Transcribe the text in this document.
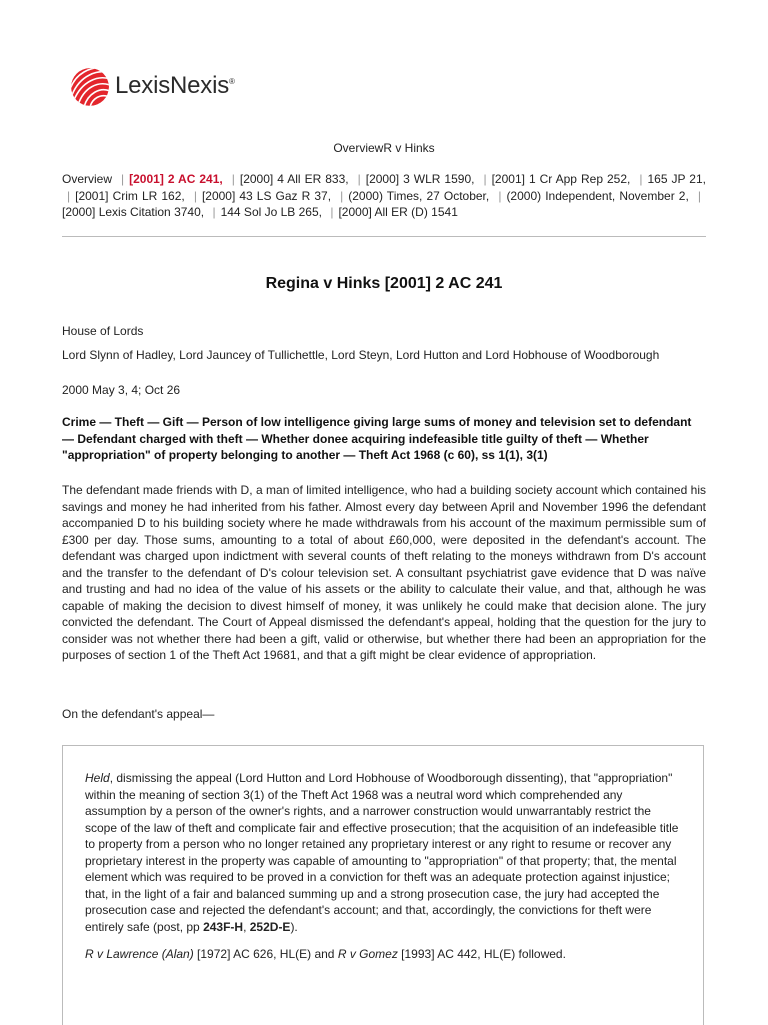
LexisNexis®
OverviewR v Hinks
Overview | [2001] 2 AC 241, | [2000] 4 All ER 833, | [2000] 3 WLR 1590, | [2001] 1 Cr App Rep 252, | 165 JP 21, | [2001] Crim LR 162, | [2000] 43 LS Gaz R 37, | (2000) Times, 27 October, | (2000) Independent, November 2, |[2000] Lexis Citation 3740, | 144 Sol Jo LB 265, | [2000] All ER (D) 1541
Regina v Hinks [2001] 2 AC 241
House of Lords
Lord Slynn of Hadley, Lord Jauncey of Tullichettle, Lord Steyn, Lord Hutton and Lord Hobhouse of Woodborough
2000 May 3, 4; Oct 26
Crime — Theft — Gift — Person of low intelligence giving large sums of money and television set to defendant — Defendant charged with theft — Whether donee acquiring indefeasible title guilty of theft — Whether "appropriation" of property belonging to another — Theft Act 1968 (c 60), ss 1(1), 3(1)
The defendant made friends with D, a man of limited intelligence, who had a building society account which contained his savings and money he had inherited from his father. Almost every day between April and November 1996 the defendant accompanied D to his building society where he made withdrawals from his account of the maximum permissible sum of £300 per day. Those sums, amounting to a total of about £60,000, were deposited in the defendant's account. The defendant was charged upon indictment with several counts of theft relating to the moneys withdrawn from D's account and the transfer to the defendant of D's colour television set. A consultant psychiatrist gave evidence that D was naïve and trusting and had no idea of the value of his assets or the ability to calculate their value, and that, although he was capable of making the decision to divest himself of money, it was unlikely he could make that decision alone. The jury convicted the defendant. The Court of Appeal dismissed the defendant's appeal, holding that the question for the jury to consider was not whether there had been a gift, valid or otherwise, but whether there had been an appropriation for the purposes of section 1 of the Theft Act 19681, and that a gift might be clear evidence of appropriation.
On the defendant's appeal—
Held, dismissing the appeal (Lord Hutton and Lord Hobhouse of Woodborough dissenting), that "appropriation" within the meaning of section 3(1) of the Theft Act 1968 was a neutral word which comprehended any assumption by a person of the owner's rights, and a narrower construction would unwarrantably restrict the scope of the law of theft and complicate fair and effective prosecution; that the acquisition of an indefeasible title to property from a person who no longer retained any proprietary interest or any right to resume or recover any proprietary interest in the property was capable of amounting to "appropriation" of that property; that, the mental element which was required to be proved in a conviction for theft was an adequate protection against injustice; that, in the light of a fair and balanced summing up and a strong prosecution case, the jury had accepted the prosecution case and rejected the defendant's account; and that, accordingly, the convictions for theft were entirely safe (post, pp 243F-H, 252D-E).
R v Lawrence (Alan) [1972] AC 626, HL(E) and R v Gomez [1993] AC 442, HL(E) followed.
